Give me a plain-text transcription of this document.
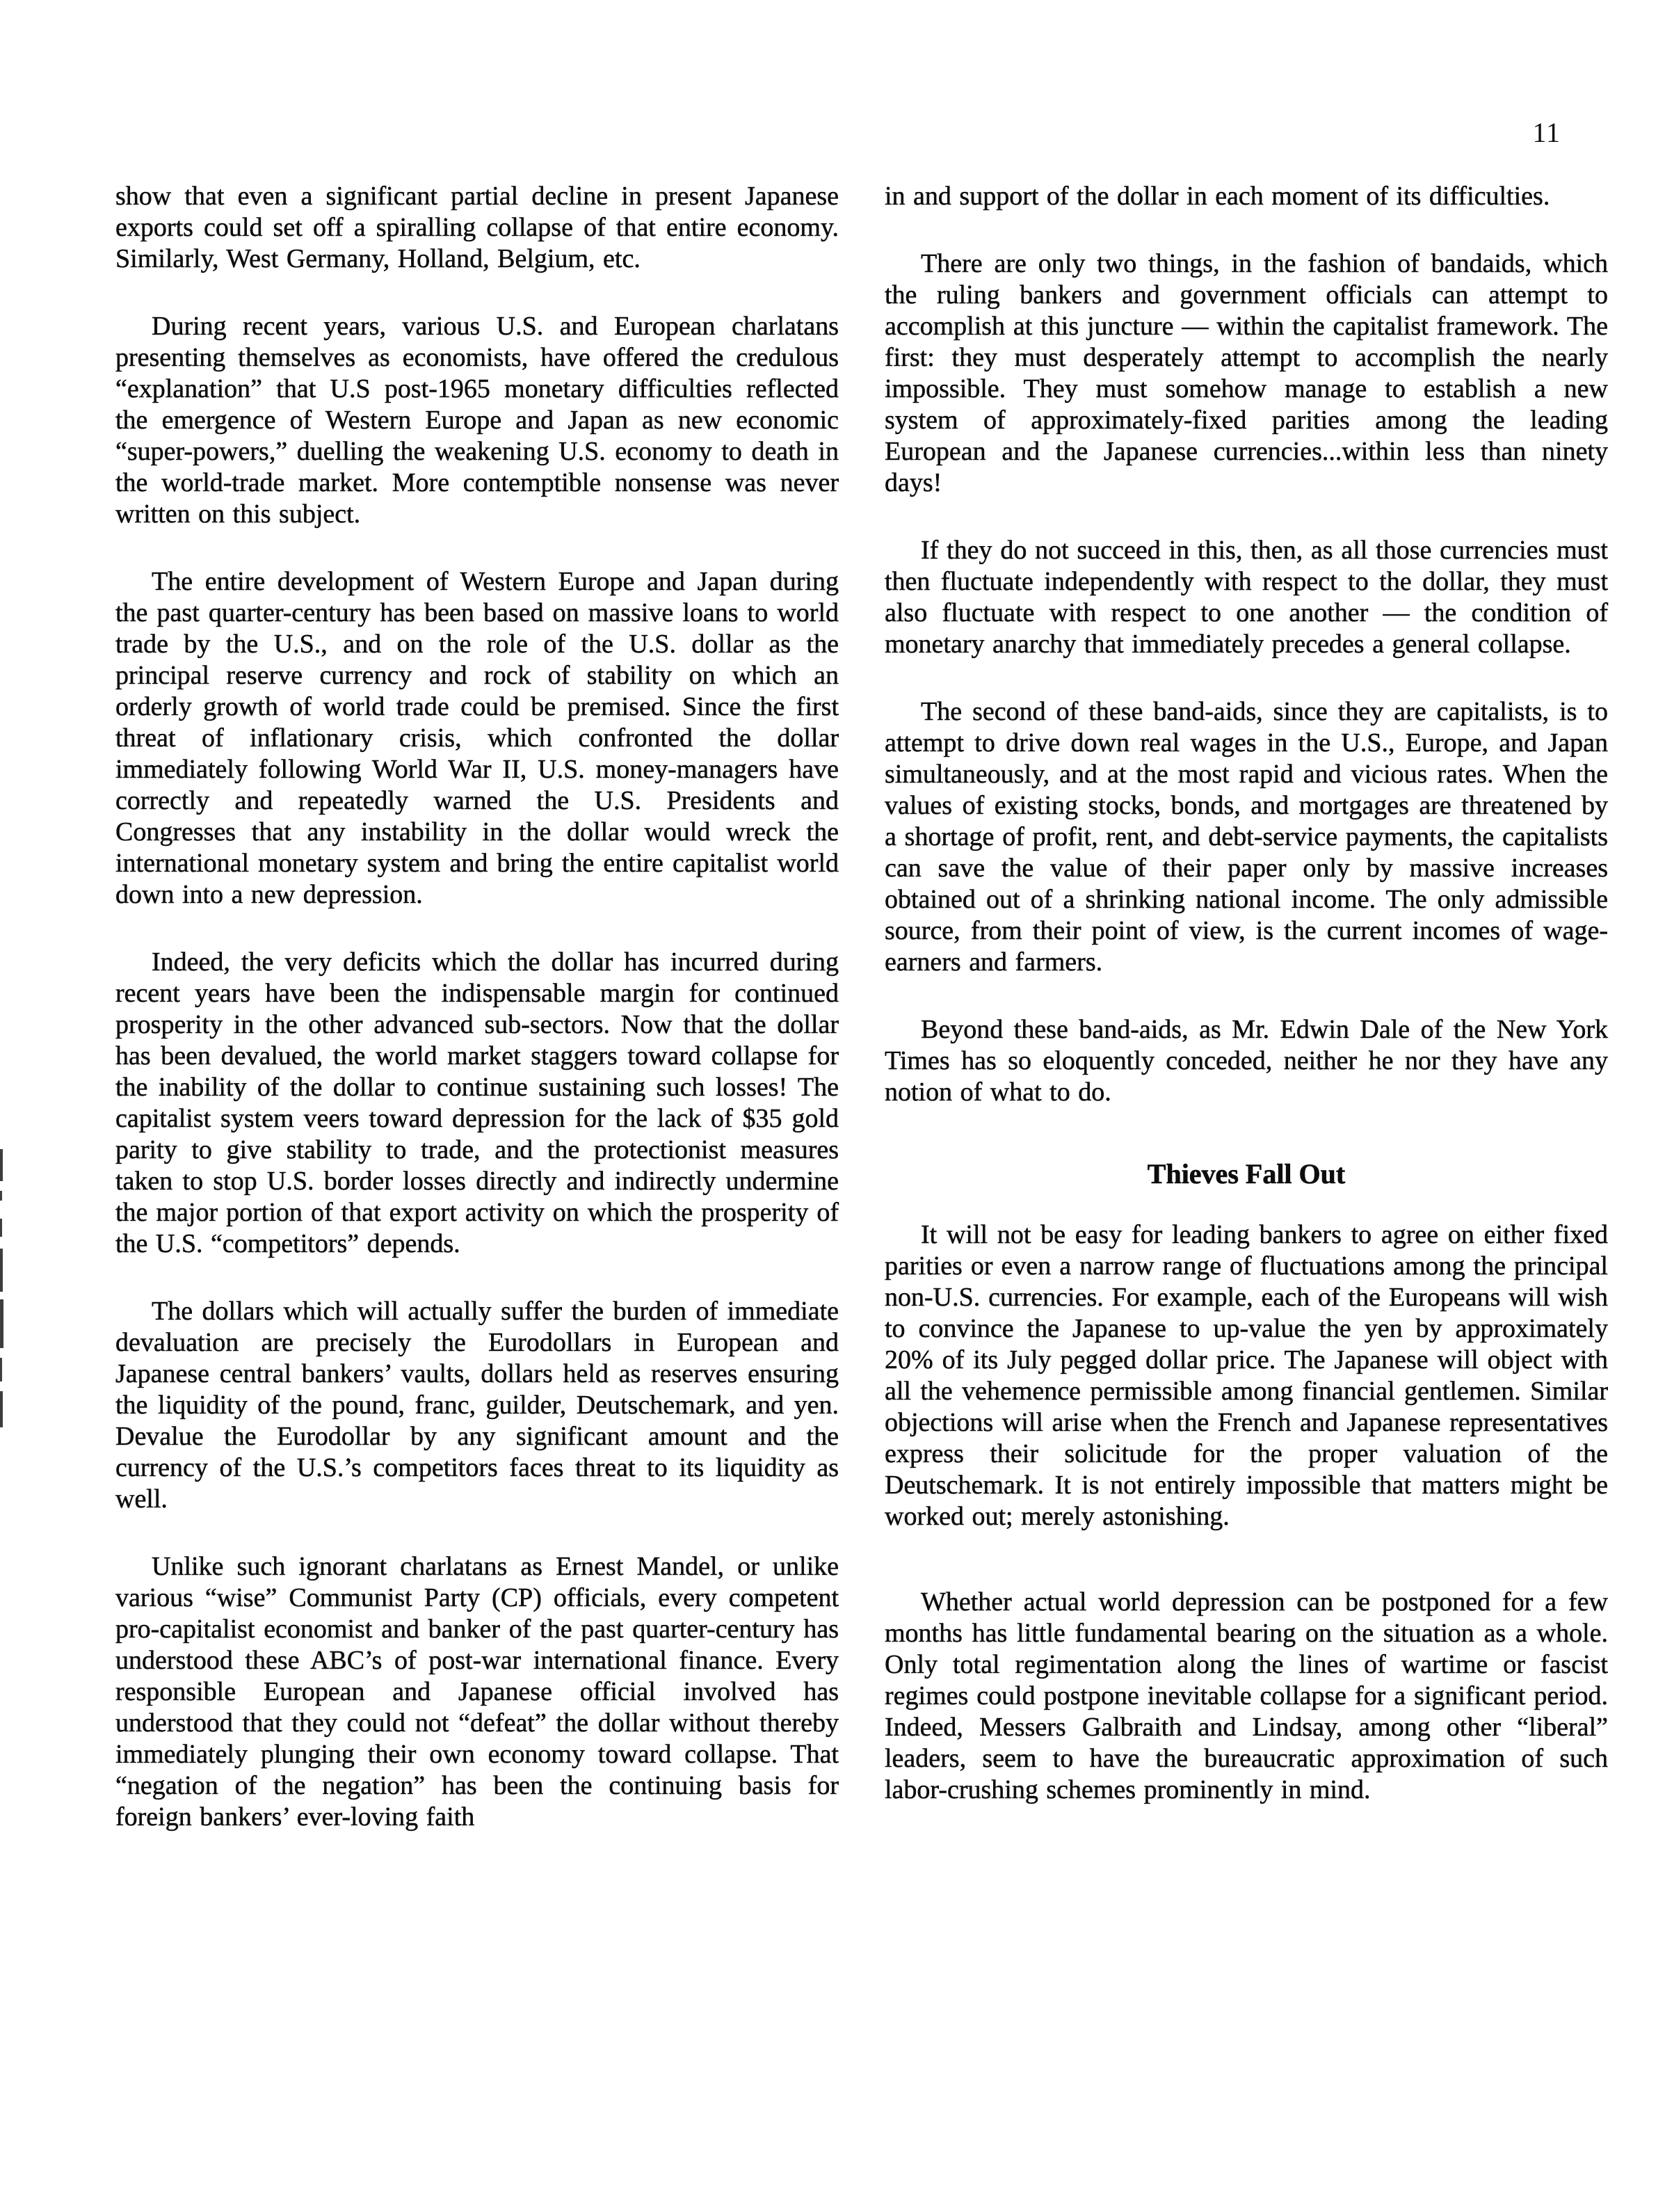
11

show that even a significant partial decline in present Japanese exports could set off a spiralling collapse of that entire economy. Similarly, West Germany, Holland, Belgium, etc.

During recent years, various U.S. and European charlatans presenting themselves as economists, have offered the credulous “explanation” that U.S post-1965 monetary difficulties reflected the emergence of Western Europe and Japan as new economic “super-powers,” duelling the weakening U.S. economy to death in the world-trade market. More contemptible nonsense was never written on this subject.

The entire development of Western Europe and Japan during the past quarter-century has been based on massive loans to world trade by the U.S., and on the role of the U.S. dollar as the principal reserve currency and rock of stability on which an orderly growth of world trade could be premised. Since the first threat of inflationary crisis, which confronted the dollar immediately following World War II, U.S. money-managers have correctly and repeatedly warned the U.S. Presidents and Congresses that any instability in the dollar would wreck the international monetary system and bring the entire capitalist world down into a new depression.

Indeed, the very deficits which the dollar has incurred during recent years have been the indispensable margin for continued prosperity in the other advanced sub-sectors. Now that the dollar has been devalued, the world market staggers toward collapse for the inability of the dollar to continue sustaining such losses! The capitalist system veers toward depression for the lack of $35 gold parity to give stability to trade, and the protectionist measures taken to stop U.S. border losses directly and indirectly undermine the major portion of that export activity on which the prosperity of the U.S. “competitors” depends.

The dollars which will actually suffer the burden of immediate devaluation are precisely the Eurodollars in European and Japanese central bankers’ vaults, dollars held as reserves ensuring the liquidity of the pound, franc, guilder, Deutschemark, and yen. Devalue the Eurodollar by any significant amount and the currency of the U.S.’s competitors faces threat to its liquidity as well.

Unlike such ignorant charlatans as Ernest Mandel, or unlike various “wise” Communist Party (CP) officials, every competent pro-capitalist economist and banker of the past quarter-century has understood these ABC’s of post-war international finance. Every responsible European and Japanese official involved has understood that they could not “defeat” the dollar without thereby immediately plunging their own economy toward collapse. That “negation of the negation” has been the continuing basis for foreign bankers’ ever-loving faith

in and support of the dollar in each moment of its difficulties.

There are only two things, in the fashion of bandaids, which the ruling bankers and government officials can attempt to accomplish at this juncture — within the capitalist framework. The first: they must desperately attempt to accomplish the nearly impossible. They must somehow manage to establish a new system of approximately-fixed parities among the leading European and the Japanese currencies...within less than ninety days!

If they do not succeed in this, then, as all those currencies must then fluctuate independently with respect to the dollar, they must also fluctuate with respect to one another — the condition of monetary anarchy that immediately precedes a general collapse.

The second of these band-aids, since they are capitalists, is to attempt to drive down real wages in the U.S., Europe, and Japan simultaneously, and at the most rapid and vicious rates. When the values of existing stocks, bonds, and mortgages are threatened by a shortage of profit, rent, and debt-service payments, the capitalists can save the value of their paper only by massive increases obtained out of a shrinking national income. The only admissible source, from their point of view, is the current incomes of wage-earners and farmers.

Beyond these band-aids, as Mr. Edwin Dale of the New York Times has so eloquently conceded, neither he nor they have any notion of what to do.

Thieves Fall Out

It will not be easy for leading bankers to agree on either fixed parities or even a narrow range of fluctuations among the principal non-U.S. currencies. For example, each of the Europeans will wish to convince the Japanese to up-value the yen by approximately 20% of its July pegged dollar price. The Japanese will object with all the vehemence permissible among financial gentlemen. Similar objections will arise when the French and Japanese representatives express their solicitude for the proper valuation of the Deutschemark. It is not entirely impossible that matters might be worked out; merely astonishing.

Whether actual world depression can be postponed for a few months has little fundamental bearing on the situation as a whole. Only total regimentation along the lines of wartime or fascist regimes could postpone inevitable collapse for a significant period. Indeed, Messers Galbraith and Lindsay, among other “liberal” leaders, seem to have the bureaucratic approximation of such labor-crushing schemes prominently in mind.
